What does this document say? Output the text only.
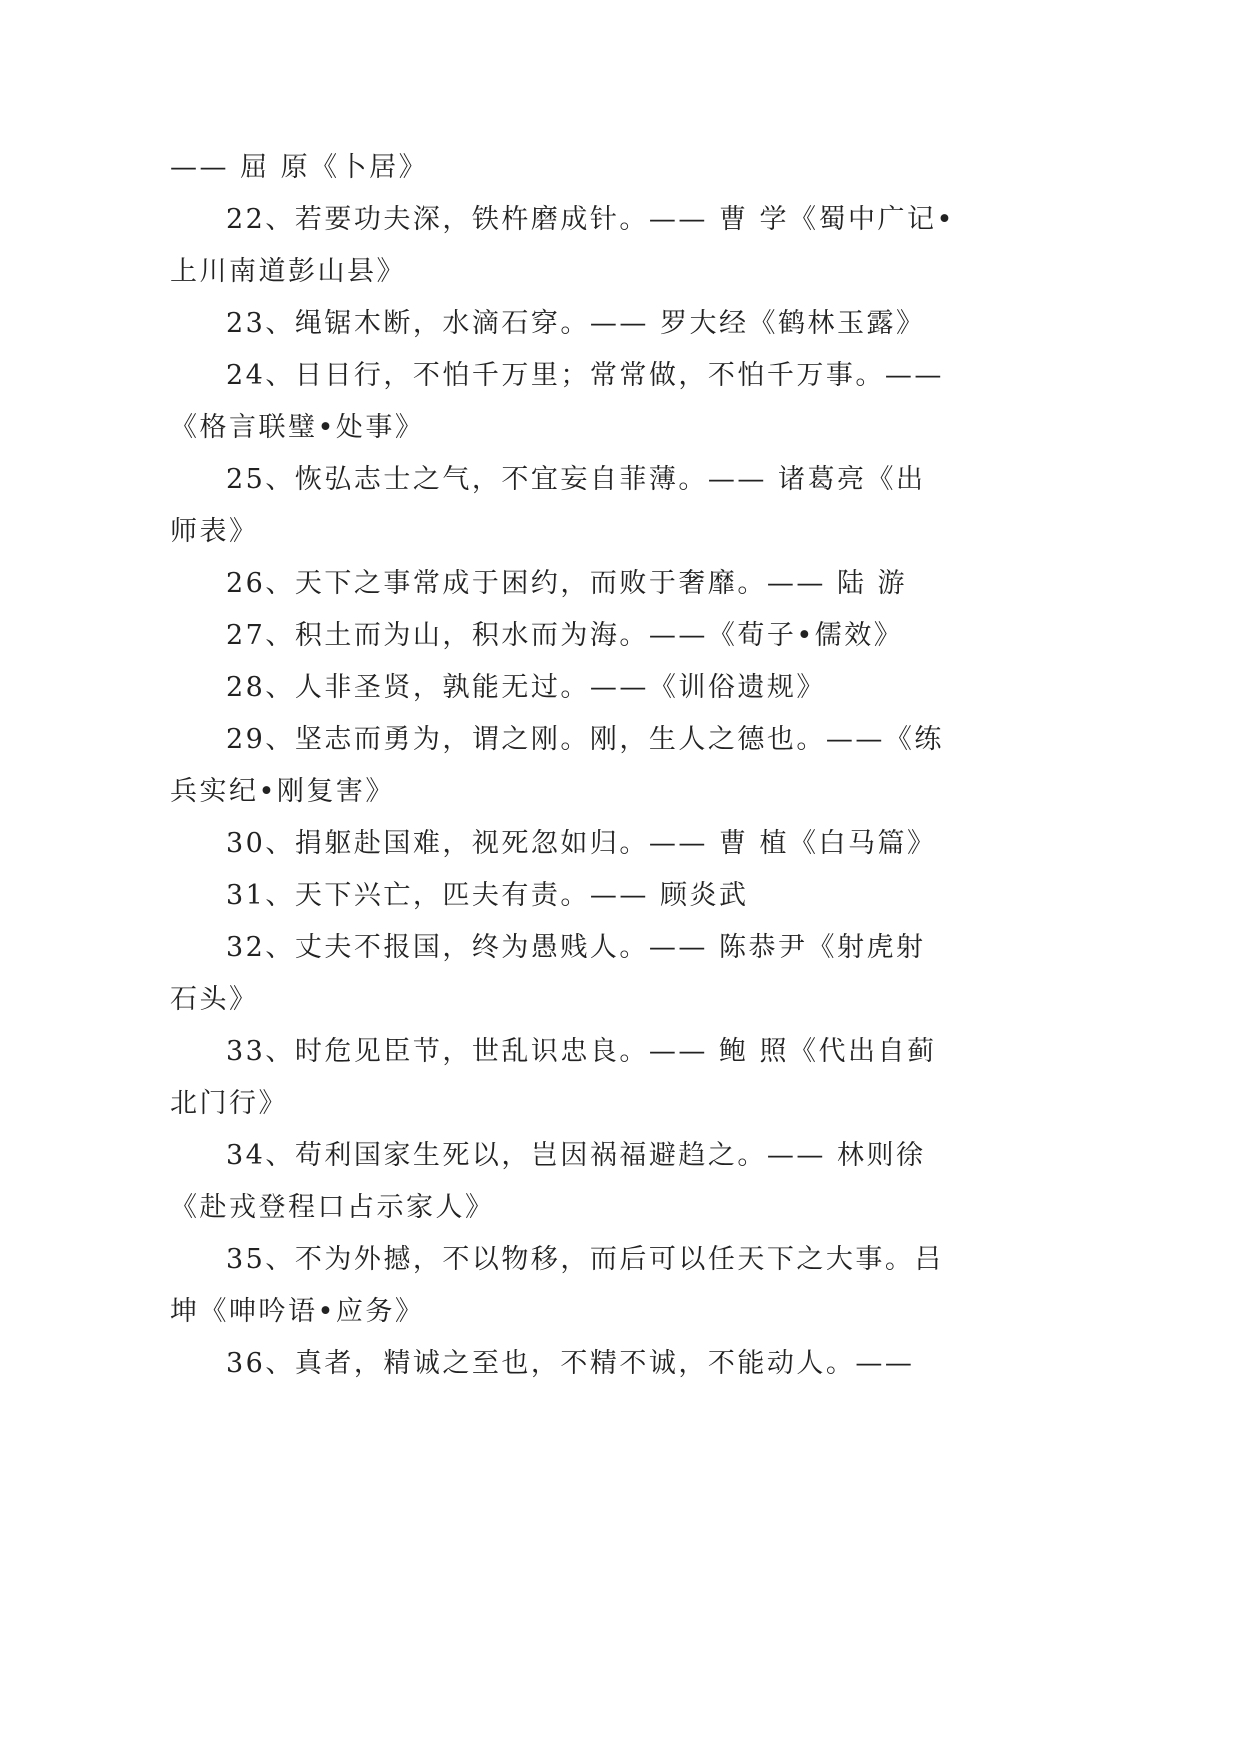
—— 屈 原《卜居》
22、若要功夫深，铁杵磨成针。—— 曹 学《蜀中广记•
上川南道彭山县》
23、绳锯木断，水滴石穿。—— 罗大经《鹤林玉露》
24、日日行，不怕千万里；常常做，不怕千万事。——
《格言联璧•处事》
25、恢弘志士之气，不宜妄自菲薄。—— 诸葛亮《出
师表》
26、天下之事常成于困约，而败于奢靡。—— 陆 游
27、积土而为山，积水而为海。——《荀子•儒效》
28、人非圣贤，孰能无过。——《训俗遗规》
29、坚志而勇为，谓之刚。刚，生人之德也。——《练
兵实纪•刚复害》
30、捐躯赴国难，视死忽如归。—— 曹 植《白马篇》
31、天下兴亡，匹夫有责。—— 顾炎武
32、丈夫不报国，终为愚贱人。—— 陈恭尹《射虎射
石头》
33、时危见臣节，世乱识忠良。—— 鲍 照《代出自蓟
北门行》
34、苟利国家生死以，岂因祸福避趋之。—— 林则徐
《赴戎登程口占示家人》
35、不为外撼，不以物移，而后可以任天下之大事。吕
坤《呻吟语•应务》
36、真者，精诚之至也，不精不诚，不能动人。——
